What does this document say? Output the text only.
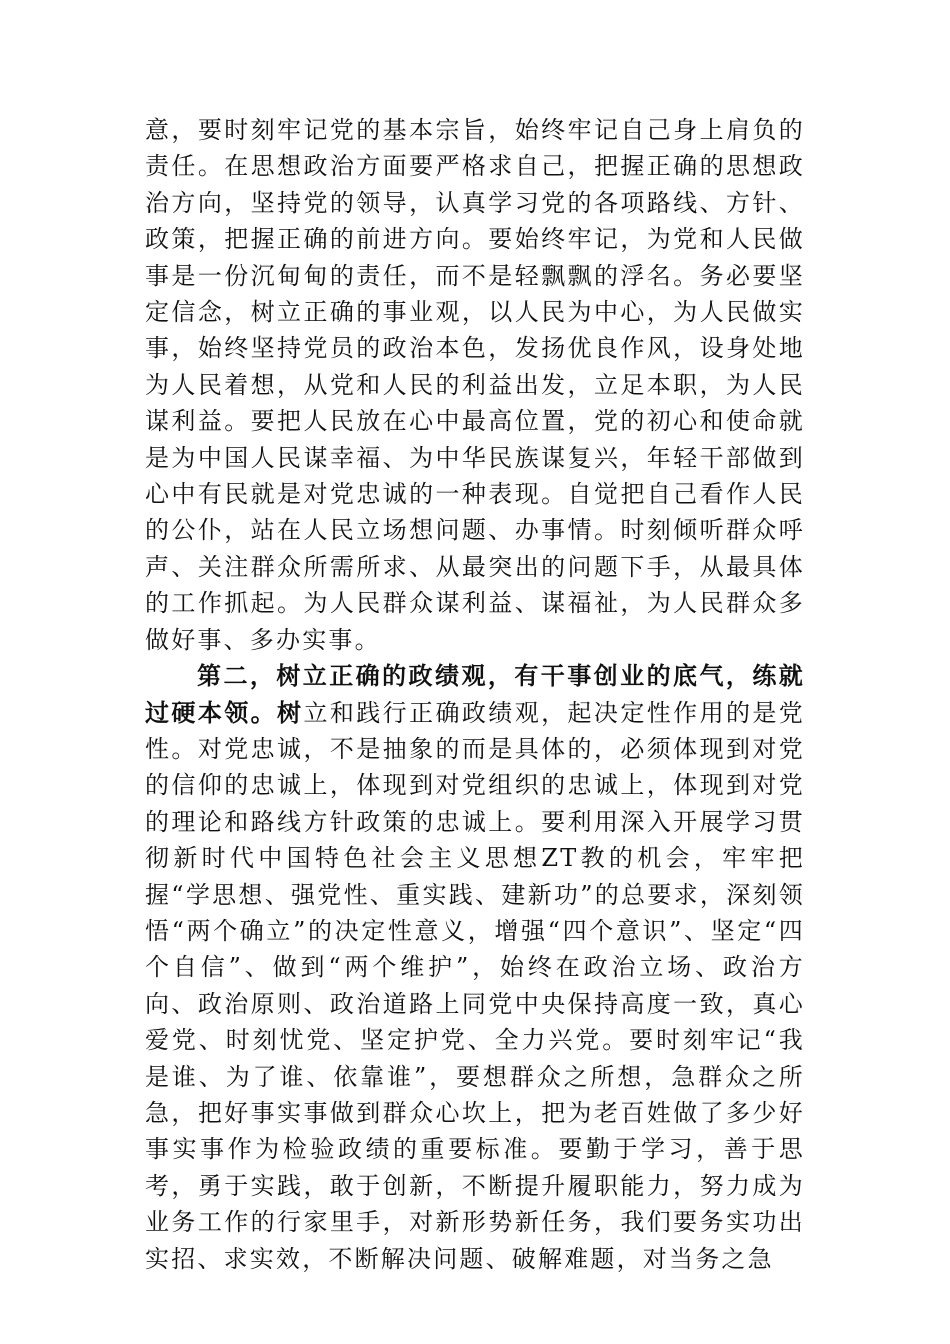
意，要时刻牢记党的基本宗旨，始终牢记自己身上肩负的责任。在思想政治方面要严格求自己，把握正确的思想政治方向，坚持党的领导，认真学习党的各项路线、方针、政策，把握正确的前进方向。要始终牢记，为党和人民做事是一份沉甸甸的责任，而不是轻飘飘的浮名。务必要坚定信念，树立正确的事业观，以人民为中心，为人民做实事，始终坚持党员的政治本色，发扬优良作风，设身处地为人民着想，从党和人民的利益出发，立足本职，为人民谋利益。要把人民放在心中最高位置，党的初心和使命就是为中国人民谋幸福、为中华民族谋复兴，年轻干部做到心中有民就是对党忠诚的一种表现。自觉把自己看作人民的公仆，站在人民立场想问题、办事情。时刻倾听群众呼声、关注群众所需所求、从最突出的问题下手，从最具体的工作抓起。为人民群众谋利益、谋福祉，为人民群众多做好事、多办实事。

第二，树立正确的政绩观，有干事创业的底气，练就过硬本领。树立和践行正确政绩观，起决定性作用的是党性。对党忠诚，不是抽象的而是具体的，必须体现到对党的信仰的忠诚上，体现到对党组织的忠诚上，体现到对党的理论和路线方针政策的忠诚上。要利用深入开展学习贯彻新时代中国特色社会主义思想ZT教的机会，牢牢把握“学思想、强党性、重实践、建新功”的总要求，深刻领悟“两个确立”的决定性意义，增强“四个意识”、坚定“四个自信”、做到“两个维护”，始终在政治立场、政治方向、政治原则、政治道路上同党中央保持高度一致，真心爱党、时刻忧党、坚定护党、全力兴党。要时刻牢记“我是谁、为了谁、依靠谁”，要想群众之所想，急群众之所急，把好事实事做到群众心坎上，把为老百姓做了多少好事实事作为检验政绩的重要标准。要勤于学习，善于思考，勇于实践，敢于创新，不断提升履职能力，努力成为业务工作的行家里手，对新形势新任务，我们要务实功出实招、求实效，不断解决问题、破解难题，对当务之急
